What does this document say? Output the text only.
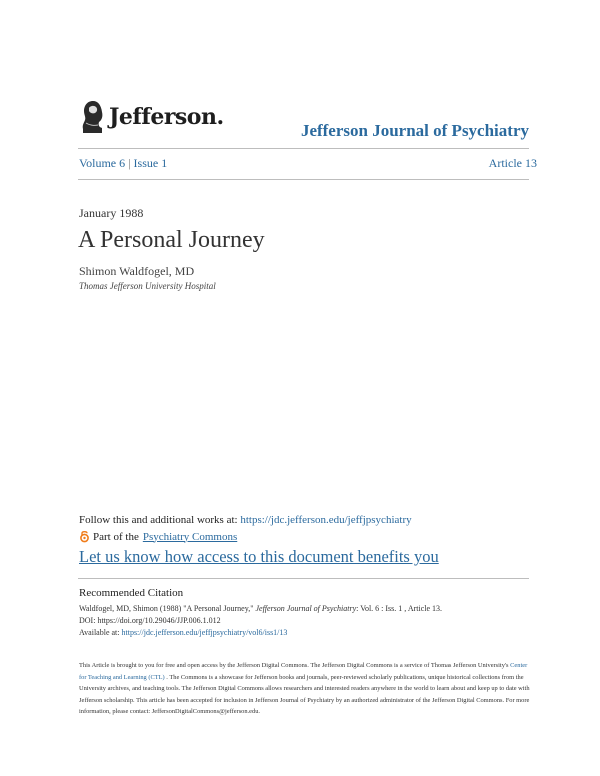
Jefferson.
Jefferson Journal of Psychiatry
Volume 6 | Issue 1	Article 13
January 1988
A Personal Journey
Shimon Waldfogel, MD
Thomas Jefferson University Hospital
Follow this and additional works at: https://jdc.jefferson.edu/jeffjpsychiatry
Part of the Psychiatry Commons
Let us know how access to this document benefits you
Recommended Citation
Waldfogel, MD, Shimon (1988) "A Personal Journey," Jefferson Journal of Psychiatry: Vol. 6 : Iss. 1 , Article 13.
DOI: https://doi.org/10.29046/JJP.006.1.012
Available at: https://jdc.jefferson.edu/jeffjpsychiatry/vol6/iss1/13
This Article is brought to you for free and open access by the Jefferson Digital Commons. The Jefferson Digital Commons is a service of Thomas Jefferson University's Center for Teaching and Learning (CTL) . The Commons is a showcase for Jefferson books and journals, peer-reviewed scholarly publications, unique historical collections from the University archives, and teaching tools. The Jefferson Digital Commons allows researchers and interested readers anywhere in the world to learn about and keep up to date with Jefferson scholarship. This article has been accepted for inclusion in Jefferson Journal of Psychiatry by an authorized administrator of the Jefferson Digital Commons. For more information, please contact: JeffersonDigitalCommons@jefferson.edu.
